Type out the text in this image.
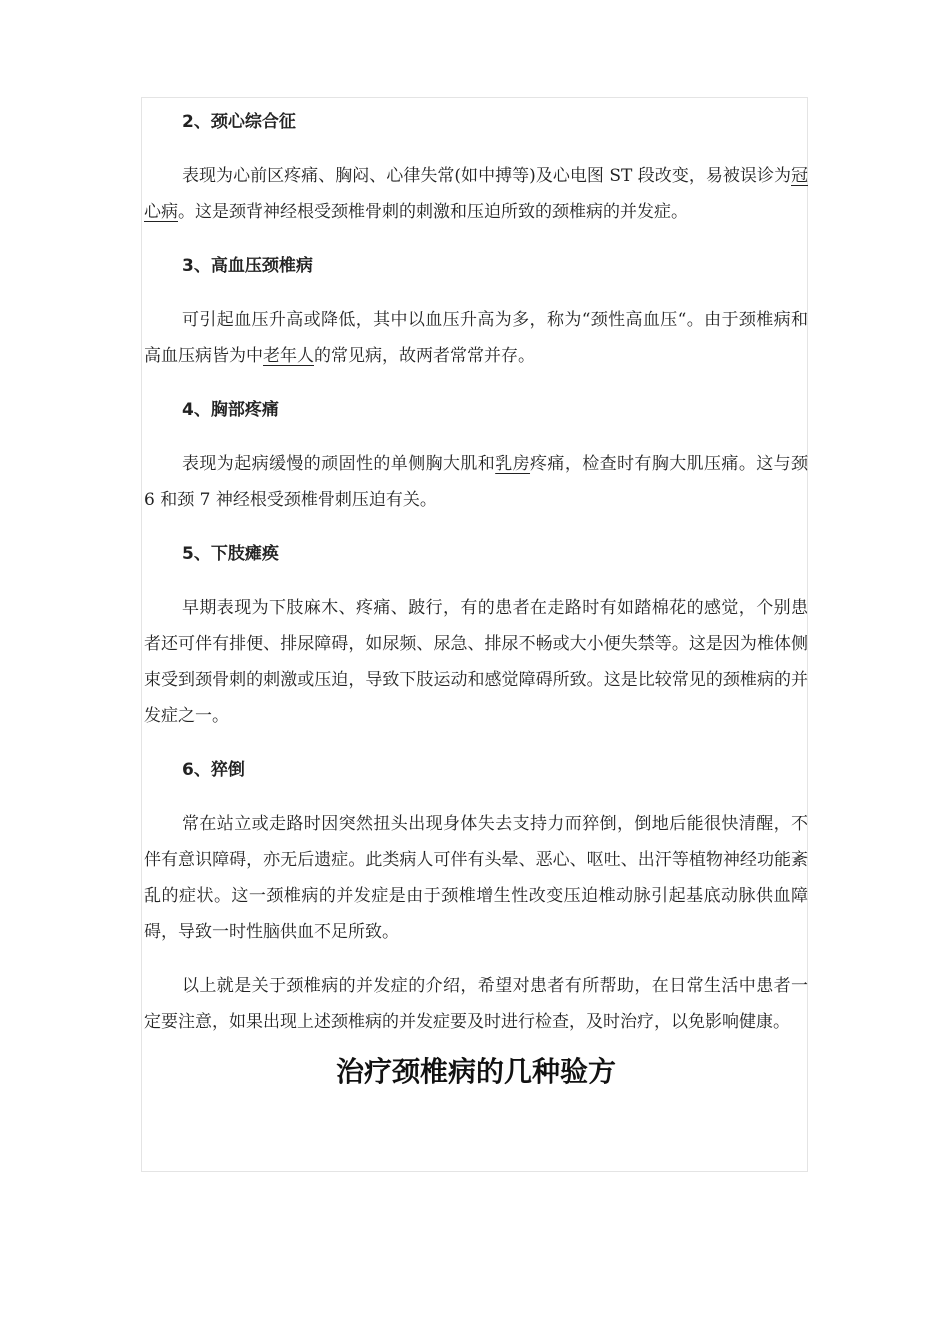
2、颈心综合征

表现为心前区疼痛、胸闷、心律失常(如中搏等)及心电图 ST 段改变，易被误诊为冠心病。这是颈背神经根受颈椎骨刺的刺激和压迫所致的颈椎病的并发症。

3、高血压颈椎病

可引起血压升高或降低，其中以血压升高为多，称为“颈性高血压“。由于颈椎病和高血压病皆为中老年人的常见病，故两者常常并存。

4、胸部疼痛

表现为起病缓慢的顽固性的单侧胸大肌和乳房疼痛，检查时有胸大肌压痛。这与颈 6 和颈 7 神经根受颈椎骨刺压迫有关。

5、下肢瘫痪

早期表现为下肢麻木、疼痛、跛行，有的患者在走路时有如踏棉花的感觉，个别患者还可伴有排便、排尿障碍，如尿频、尿急、排尿不畅或大小便失禁等。这是因为椎体侧束受到颈骨刺的刺激或压迫，导致下肢运动和感觉障碍所致。这是比较常见的颈椎病的并发症之一。

6、猝倒

常在站立或走路时因突然扭头出现身体失去支持力而猝倒，倒地后能很快清醒，不伴有意识障碍，亦无后遗症。此类病人可伴有头晕、恶心、呕吐、出汗等植物神经功能紊乱的症状。这一颈椎病的并发症是由于颈椎增生性改变压迫椎动脉引起基底动脉供血障碍，导致一时性脑供血不足所致。

以上就是关于颈椎病的并发症的介绍，希望对患者有所帮助，在日常生活中患者一定要注意，如果出现上述颈椎病的并发症要及时进行检查，及时治疗，以免影响健康。

治疗颈椎病的几种验方
